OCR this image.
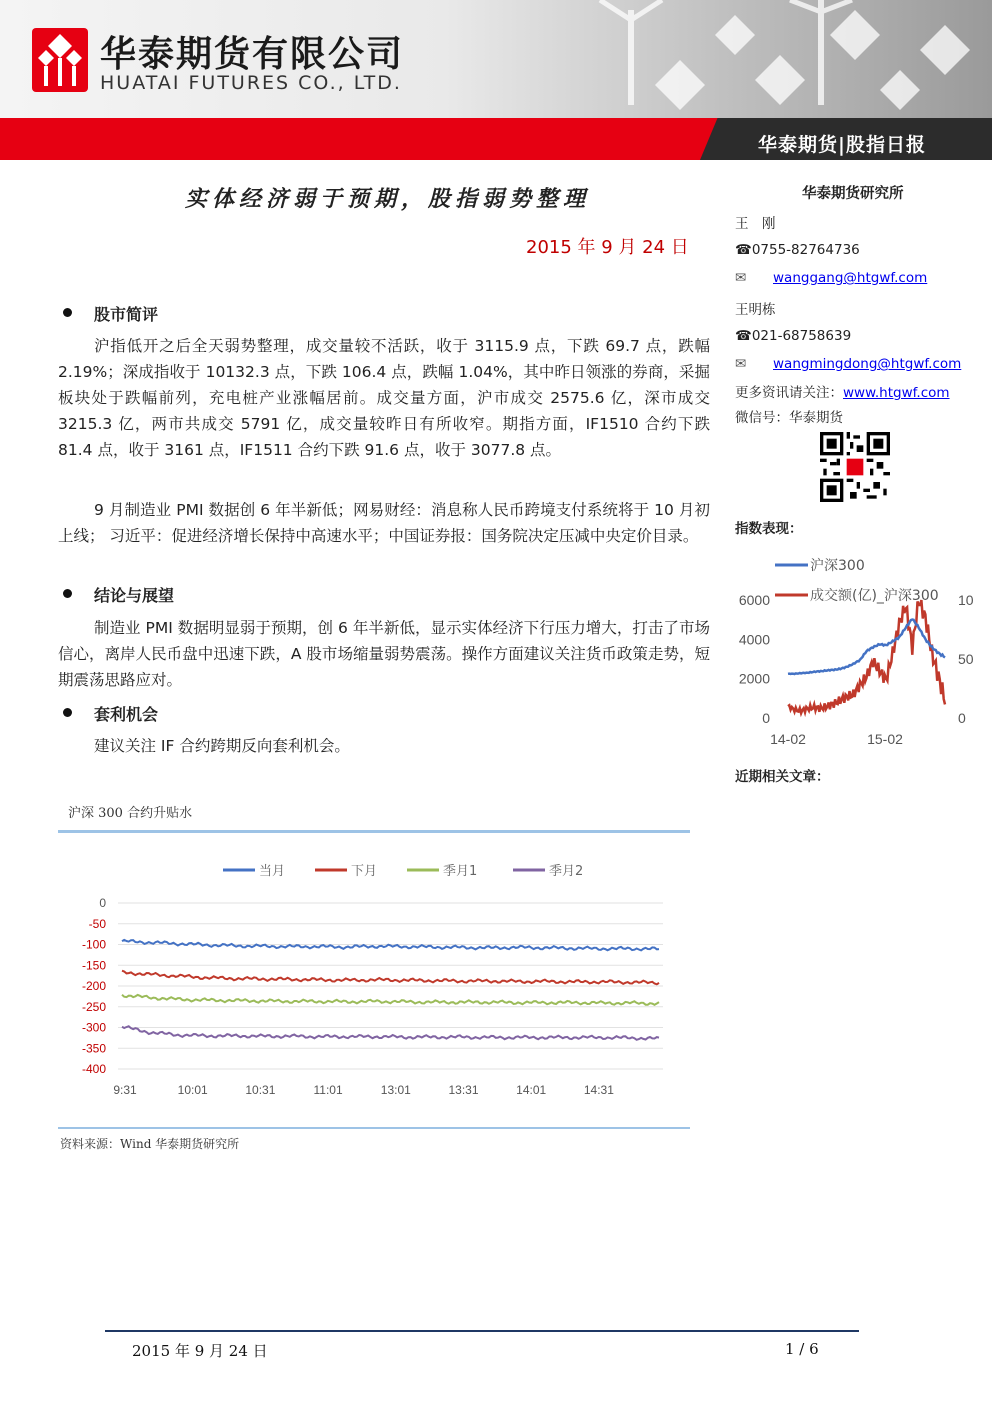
华泰期货|股指日报
华泰期货有限公司
HUATAI FUTURES CO., LTD.
实体经济弱于预期，股指弱势整理
2015 年 9 月 24 日
股市简评
沪指低开之后全天弱势整理，成交量较不活跃，收于 3115.9 点，下跌 69.7 点，跌幅 2.19%；深成指收于 10132.3 点，下跌 106.4 点，跌幅 1.04%，其中昨日领涨的券商，采掘板块处于跌幅前列，充电桩产业涨幅居前。成交量方面，沪市成交 2575.6 亿，深市成交 3215.3 亿，两市共成交 5791 亿，成交量较昨日有所收窄。期指方面，IF1510 合约下跌 81.4 点，收于 3161 点，IF1511 合约下跌 91.6 点，收于 3077.8 点。
9 月制造业 PMI 数据创 6 年半新低；网易财经：消息称人民币跨境支付系统将于 10 月初上线； 习近平：促进经济增长保持中高速水平；中国证券报：国务院决定压减中央定价目录。
结论与展望
制造业 PMI 数据明显弱于预期，创 6 年半新低，显示实体经济下行压力增大，打击了市场信心，离岸人民币盘中迅速下跌，A 股市场缩量弱势震荡。操作方面建议关注货币政策走势，短期震荡思路应对。
套利机会
建议关注 IF 合约跨期反向套利机会。
华泰期货研究所
王　刚
☎0755-82764736
✉ wanggang@htgwf.com
王明栋
☎021-68758639
✉ wangmingdong@htgwf.com
更多资讯请关注：www.htgwf.com
微信号：华泰期货
指数表现：
0
2000
4000
6000
0
50
10
14-02	15-02
沪深300
成交额(亿)_沪深300
近期相关文章：
沪深 300 合约升贴水
0
-50
-100
-150
-200
-250
-300
-350
-400
9:31	10:01	10:31	11:01	13:01	13:31	14:01	14:31
当月	下月	季月1	季月2
资料来源：Wind 华泰期货研究所
2015 年 9 月 24 日	1 / 6
